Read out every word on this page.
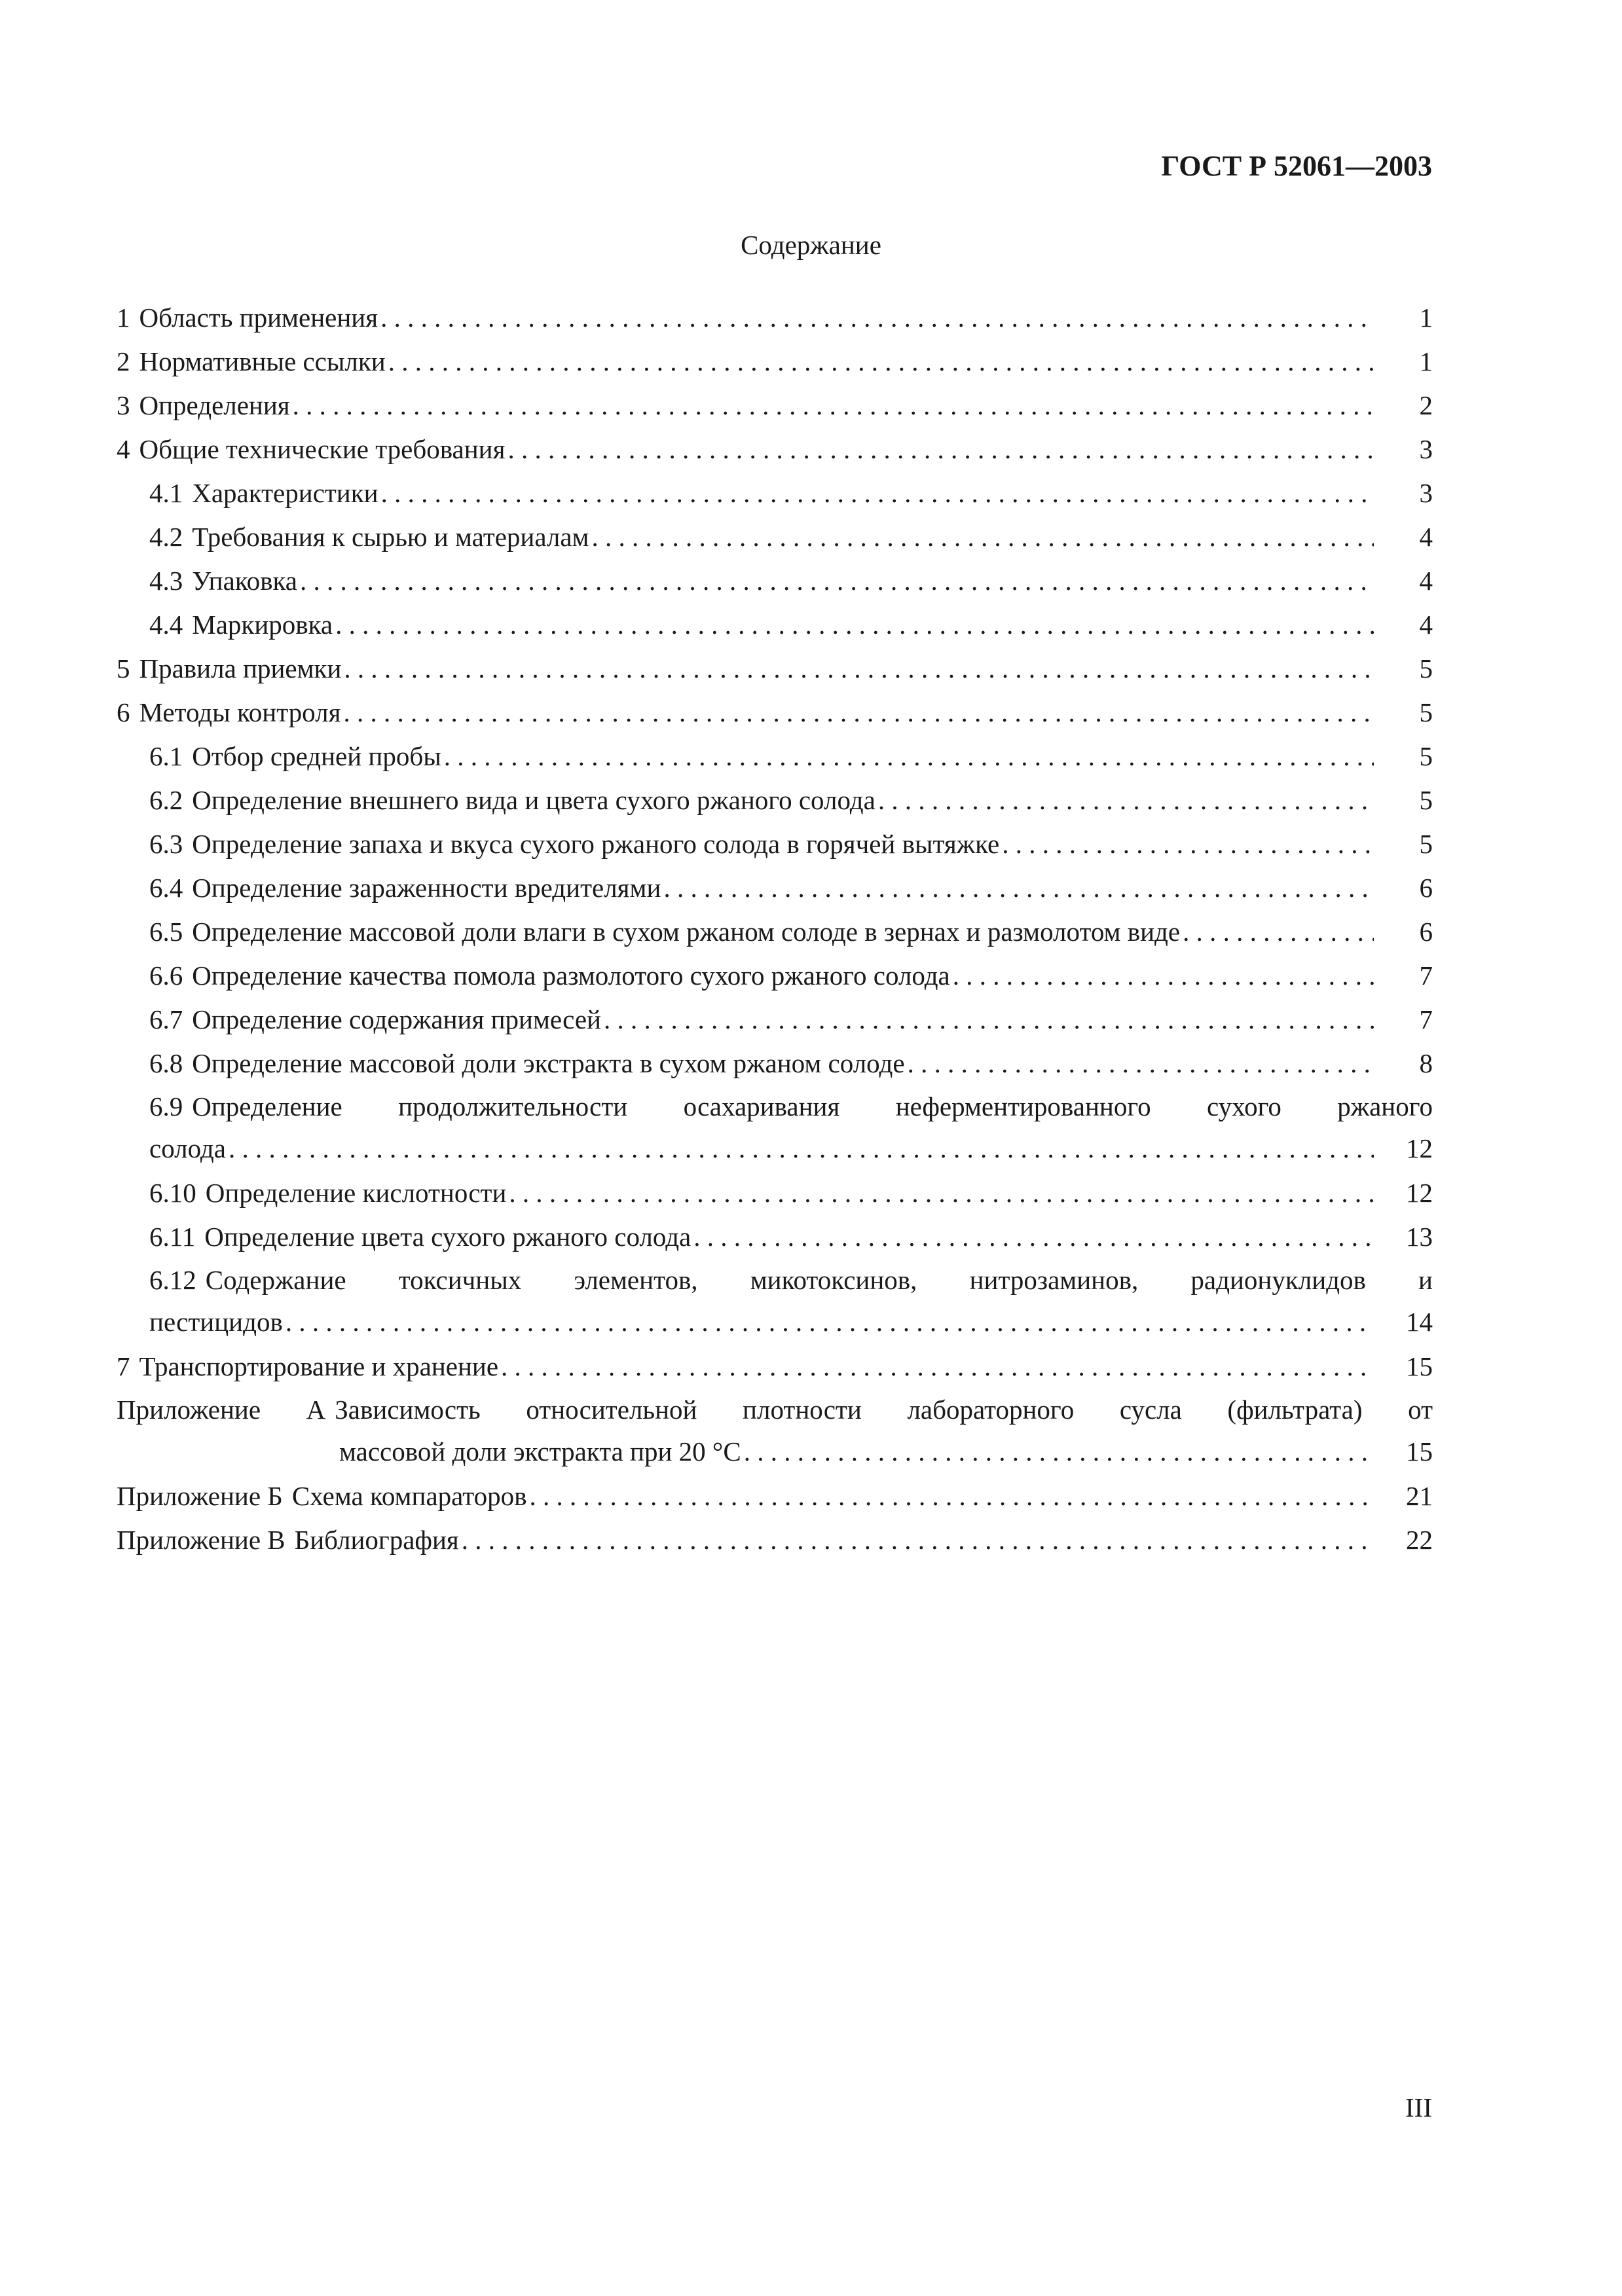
ГОСТ Р 52061—2003
Содержание
1 Область применения . . .	1
2 Нормативные ссылки . . .	1
3 Определения . . .	2
4 Общие технические требования . . .	3
4.1 Характеристики . . .	3
4.2 Требования к сырью и материалам . . .	4
4.3 Упаковка . . .	4
4.4 Маркировка . . .	4
5 Правила приемки . . .	5
6 Методы контроля . . .	5
6.1 Отбор средней пробы . . .	5
6.2 Определение внешнего вида и цвета сухого ржаного солода . . .	5
6.3 Определение запаха и вкуса сухого ржаного солода в горячей вытяжке . . .	5
6.4 Определение зараженности вредителями . . .	6
6.5 Определение массовой доли влаги в сухом ржаном солоде в зернах и размолотом виде . . .	6
6.6 Определение качества помола размолотого сухого ржаного солода . . .	7
6.7 Определение содержания примесей . . .	7
6.8 Определение массовой доли экстракта в сухом ржаном солоде . . .	8
6.9 Определение продолжительности осахаривания неферментированного сухого ржаного
солода . . .	12
6.10 Определение кислотности . . .	12
6.11 Определение цвета сухого ржаного солода . . .	13
6.12 Содержание токсичных элементов, микотоксинов, нитрозаминов, радионуклидов и
пестицидов . . .	14
7 Транспортирование и хранение . . .	15
Приложение А Зависимость относительной плотности лабораторного сусла (фильтрата) от
массовой доли экстракта при 20 °С . . .	15
Приложение Б Схема компараторов . . .	21
Приложение В Библиография . . .	22
III
